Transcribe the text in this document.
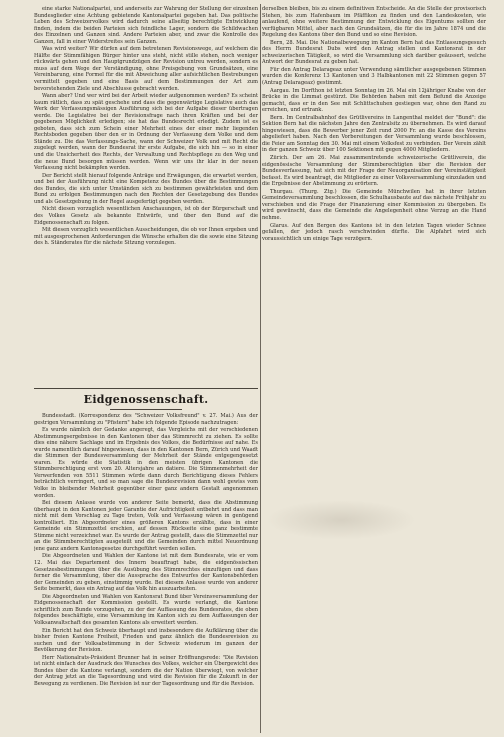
eine starke Nationalpartei, und anderseits zur Wahrung der Stellung der einzelnen Bundesglieder eine Achtung gebietende Kantonalpartei gegeben hat. Das politische Leben des Schweizervolkes wird dadurch seine allseitig berechtigte Entwicklung finden, indem die beiden Parteien sich feindliche Lager, sondern die Schildwachen des Einzelnen und Ganzen sind. Andere Parteien aber, und zwar die Kontrolle des Ganzen, fall in einer Widerstreites sein Ganzen.

Was wird weiter? Wir dürfen auf dem betretenen Revisionswege, auf welchem die Hälfte der Stimmfähigen Bürger hinter uns steht, nicht stille stehen, noch weniger rückwärts gehen und den Hauptgrundzügen der Revision untreu werden, sondern es muss auf dem Wege der Verständigung, ohne Preisgebung von Grundsätzen, eine Vereinbarung, eine Formel für die mit Abweichung aller aufsichtlichen Bestrebungen vermittelt gegeben und eine Basis auf dem Bestimmungen der Art zum bevorstehenden Ziele und Abschlusse gebracht werden.

Wann aber? Und wer wird bei der Arbeit wieder aufgenommen werden? Es scheint kaum rätlich, dass zu spät geschehe und dass die gegenwärtige Legislative auch das Werk der Verfassungsmässigen Ausführung sich bei der Aufgabe dieser übertragen werde. Die Legislative bei der Revisionsfrage nach ihren Kräften und bei der gegebenen Möglichkeit erledigen; sie hat das Bundesrecht erledigt. Zudem ist es geboten, dass sich zum Schein einer Mehrheit eines der einer mehr liegenden Rechtsboden gegeben über den er in Ordnung der Verfassung dem Volke und dem Stände zu. Die das Verfassungs-Sache, wann der Schweizer Volk und mit Recht die zugelegt werden, wann der Bundesrat ihr erste Aufgabe, die sich hin — so in einer und die Unsicherheit des Rechts, der Verwaltung und Rechtspflege zu den Weg und die neue Bund besorgen müssen werden. Wenn wir uns ihr klar in der neuen Verfassung nicht bekämpfen werden.

Der Bericht stellt hierauf folgende Anträge und Erwägungen, die erwartet werden, und bei der Ausführung nicht eine Kompetenz des Bundes über die Bestimmungen des Bundes, die sich unter Umständen sich zu bestimmen gewährleisten und dem Bund zu erfolgen Bestimmungen nach den Rechten der Gesetzgebung des Bundes und als Gesetzgebung in der Regel ausgefertigt gegeben werden.

Nicht diesen vorzuglich wesentlichen Anschauungen, ist ob der Bürgerschaft und des Volkes Gesetz als bekannte Entwürfe, und über den Bund auf die Eidgenossenschaft zu folgen.

Mit diesen vorzuglich wesentlichen Ausscheidungen, die ob vor Ihnen ergeben und mit ausgesprochenen Anforderungen die Wünsche erhalten die die sowie eine Sitzung des h. Ständerates für die nächste Sitzung vorzulegen.

Eidgenossenschaft.

Bundesstadt. (Korrespondenz des "Schweizer Volksfreund" v. 27. Mai.) Aus der gestrigen Versammlung zu "Pfistern" habe ich folgende Episode nachzutragen:

Es wurde nämlich der Gedanke angeregt, das Vergleichs mit der verschiedenen Abstimmungsergebnisse in den Kantonen über das Stimmrecht zu ziehen. Es sollte dies eine nähere Sachlage und im Ergebnis des Volkes, die Bedürfnisse auf nahe. Es wurde namentlich darauf hingewiesen, dass in den Kantonen Bern, Zürich und Waadt die Stimmen der Bundesversammlung der Mehrheit der Stände entgegengesetzt waren. Es würde die Statistik in den meisten übrigen Kantonen die Stimmberechtigung erst vom 20. Altersjahre an datiere. Die Stimmenmehrheit der Verwerfenden von 5511 Stimmen würde dann durch Berichtigung dieses Fehlers beträchtlich verringert, und so man sage die Bundesrevision dann wohl gewiss vom Volke in bleibender Mehrheit gegenüber einer ganz andern Gestalt angenommen worden.

Bei diesem Anlasse wurde von anderer Seite bemerkt, dass die Abstimmung überhaupt in den Kantonen jeder Garantie der Aufrichtigkeit entbehrt und dass man nicht mit dem Vorschlag zu Tage treten, Volk und Verfassung wären in genügend kontrolliert. Ein Abgeordneter eines größeren Kantons erzählte, dass in einer Gemeinde ein Stimmzettel erschien, auf dessen Rückseite eine ganz bestimmte Stimme nicht verzeichnet war. Es wurde der Antrag gestellt, dass die Stimmzettel nur an die Stimmberechtigten ausgeteilt und die Gemeinden durch mittel Neuordnung jene ganz andern Kantonsgesetze durchgeführt werden sollen.

Die Abgeordneten und Wahlen der Kantone ist mit dem Bundesrate, wie er vom 12. Mai das Departement des Innern beauftragt habe, die eidgenössischen Gesetzesbestimmungen über die Ausübung des Stimmrechtes einzufügen und dass ferner die Versammlung, über die Aussprache des Entwurfes der Kantonsbehörden der Gemeinden zu geben, einstimmig wurde. Bei diesem Anlasse wurde von anderer Seite bemerkt, dass ein Antrag auf das Volk hin auszuarbeiten.

Die Abgeordneten und Wahlen von Kantonsrat Bund über Vereinsversammlung der Eidgenossenschaft der Kommission gestellt. Es wurde verlangt, die Kantone schriftlich zum Bunde vorzugehen, zu der der Auffassung des Bundesrates, die oben folgendes beschäftigte, eine Versammlung im Kanton sich zu dem Auffassungen der Volksanwaltschaft des gesamten Kantons als erweitert werden.

Ein Bericht hat den Schweiz überhaupt und insbesondere die Aufklärung über die bisher freien Kantone Freiheit, Frieden und ganz ähnlich die Bundesrevision zu suchen und der Volksabstimmung in der Schweiz wiederum im ganzen der Bevölkerung der Revision.

Herr Nationalrats-Präsident Brunner hat in seiner Eröffnungsrede: "Die Revision ist nicht einfach der Ausdruck des Wunsches des Volkes, welcher ein Übergewicht des Bundes über die Kantone verlangt, sondern die der Nation überwiegt, von welcher der Antrag jetzt an die Tagesordnung und wird die Revision für die Zukunft in der Bewegung zu verdienen. Die Revision ist nur der Tagesordnung und für die Revision.

derselben bleiben, bis zu einem definitiven Entscheide. An die Stelle der provisorisch Stehen, bis zum Hafenbaum im Pfäffikon zu finden und den Landeskosten, wie anlaufend, ohne weitere Bestimmung der Entwicklung des Eigentums sollten der verfügbaren Mittel, aber nach den Grundsätzen, die für die im Jahre 1874 und die Regelung des Kantons über den Bund und so eine Revision.

Bern, 28. Mai. Die Nationalbewegung im Kanton Bern hat das Entlassungsgesuch des Herrn Bundesrat Dubs wird den Antrag stellen und Kantonsrat in der schweizerischen Tätigkeit, so wird die Versammlung sich darüber geäussert, welche Antwort der Bundesrat zu geben hat.

Für den Antrag Delarageaz unter Verwendung sämtlicher ausgegebenen Stimmen wurden die Konferenz 13 Kantonen und 3 Halbkantonen mit 22 Stimmen gegen 57 (Antrag Delarageaz) gestimmt.

Aargau. Im Dorfthon ist letzten Sonntag im 26. Mai ein 12jähriger Knabe von der Brücke in die Limmat gestürzt. Die Behörden haben mit dem Befund die Anzeige gemacht, dass er in den See mit Schlittschuhen gestiegen war, ohne den Rand zu erreichen, und ertrank.

Bern. Im Centralbahnhof des Grütlivereins in Langenthal meldet der "Bund": die Sektion Bern hat die nächsten Jahre den Zentralsitz zu übernehmen. Es wird darauf hingewiesen, dass die Bewerber jener Zeit rund 2000 Fr. an die Kasse des Vereins abgeliefert haben. Nach den Vorbereitungen der Versammlung wurde beschlossen, die Feier am Sonntag den 30. Mai mit einem Volksfest zu verbinden. Der Verein zählt in der ganzen Schweiz über 100 Sektionen mit gegen 4000 Mitgliedern.

Zürich. Der am 26. Mai zusammentretende schweizerische Grütliverein, die eidgenössische Versammlung der Stimmberechtigten über die Revision der Bundesverfassung, hat sich mit der Frage der Neuorganisation der Vereinstätigkeit befasst. Es wird beantragt, die Mitglieder zu einer Volksversammlung einzuladen und die Ergebnisse der Abstimmung zu erörtern.

Thurgau. (Thurg. Ztg.) Die Gemeinde Münchwilen hat in ihrer letzten Gemeindeversammlung beschlossen, die Schulhausbaute auf das nächste Frühjahr zu verschieben und die Frage der Finanzierung einer Kommission zu übergeben. Es wird gewünscht, dass die Gemeinde die Angelegenheit ohne Verzug an die Hand nehme.

Glarus. Auf den Bergen des Kantons ist in den letzten Tagen wieder Schnee gefallen, der jedoch rasch verschwinden dürfte. Die Alpfahrt wird sich voraussichtlich um einige Tage verzögern.
